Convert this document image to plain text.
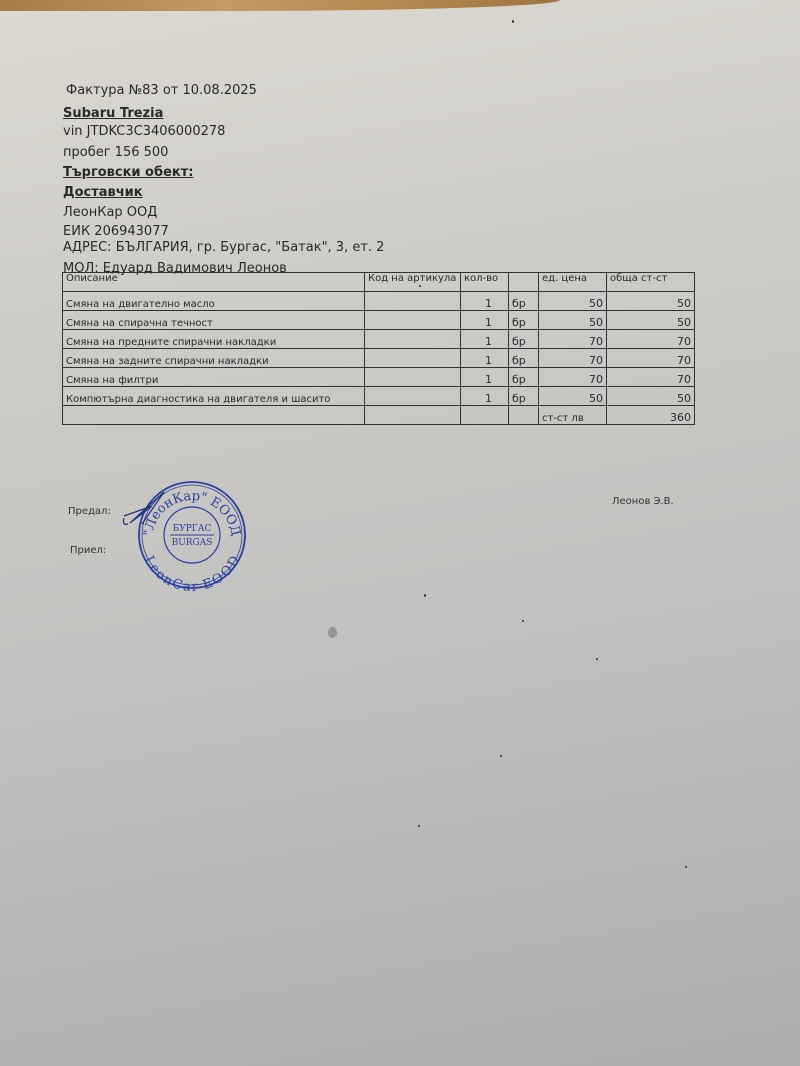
Фактура №83 от 10.08.2025
Subaru Trezia
vin JTDKC3C3406000278
пробег 156 500
Търговски обект:
Доставчик
ЛеонКар ООД
ЕИК 206943077
АДРЕС: БЪЛГАРИЯ, гр. Бургас, "Батак", 3, ет. 2
МОЛ: Едуард Вадимович Леонов
Описание	Код на артикула	кол-во		ед. цена	обща ст-ст
Смяна на двигателно масло		1	бр	50	50
Смяна на спирачна течност		1	бр	50	50
Смяна на предните спирачни накладки		1	бр	70	70
Смяна на задните спирачни накладки		1	бр	70	70
Смяна на филтри		1	бр	70	70
Компютърна диагностика на двигателя и шасито		1	бр	50	50
				ст-ст лв	360
Предал:
Приел:
Леонов Э.В.
"ЛеонКар" ЕООД
LeonCar EOOD
БУРГАС
BURGAS
